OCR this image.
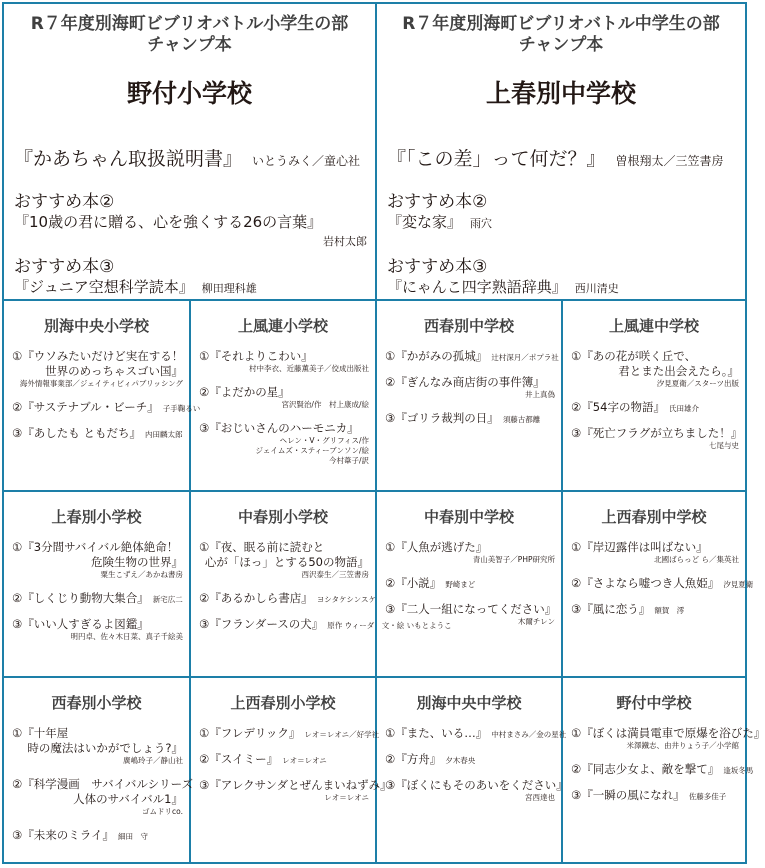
R７年度別海町ビブリオバトル小学生の部
チャンプ本
野付小学校
『かあちゃん取扱説明書』 いとうみく／童心社
おすすめ本②
『10歳の君に贈る、心を強くする26の言葉』
岩村太郎
おすすめ本③
『ジュニア空想科学読本』 柳田理科雄
R７年度別海町ビブリオバトル中学生の部
チャンプ本
上春別中学校
『「この差」って何だ？』 曽根翔太／三笠書房
おすすめ本②
『変な家』 雨穴
おすすめ本③
『にゃんこ四字熟語辞典』 西川清史
別海中央小学校
①『ウソみたいだけど実在する！
世界のめっちゃスゴい国』
海外情報事業部／ジェイティビィパブリッシング
②『サステナブル・ビーチ』 子手鞠るい
③『あしたも ともだち』 内田麟太郎
上風連小学校
①『それよりこわい』
村中李衣、近藤薫美子／佼成出版社
②『よだかの星』
宮沢賢治/作　村上康成/絵
③『おじいさんのハーモニカ』
ヘレン・V・グリフィス/作
ジェイムズ・スティーブンソン/絵
今村葦子/訳
西春別中学校
①『かがみの孤城』 辻村深月／ポプラ社
②『ぎんなみ商店街の事件簿』
井上真偽
③『ゴリラ裁判の日』 須藤古都離
上風連中学校
①『あの花が咲く丘で、
君とまた出会えたら。』
汐見夏衛／スターツ出版
②『54字の物語』 氏田雄介
③『死亡フラグが立ちました！』
七尾与史
上春別小学校
①『3分間サバイバル絶体絶命！
危険生物の世界』
粟生こずえ／あかね書房
②『しくじり動物大集合』 新宅広二
③『いい人すぎるよ図鑑』
明円卓、佐々木日菜、真子千絵美
中春別小学校
①『夜、眠る前に読むと
心が「ほっ」とする50の物語』
西沢泰生／三笠書房
②『あるかしら書店』 ヨシタケシンスケ
③『フランダースの犬』 原作 ウィーダ　文・絵 いもとようこ
中春別中学校
①『人魚が逃げた』
青山美智子／PHP研究所
②『小説』 野崎まど
③『二人一組になってください』
木爾チレン
上西春別中学校
①『岸辺露伴は叫ばない』
北國ばらっど ら／集英社
②『さよなら嘘つき人魚姫』 汐見夏衛
③『風に恋う』 額賀　澪
西春別小学校
①『十年屋
時の魔法はいかがでしょう?』
廣嶋玲子／静山社
②『科学漫画　サバイバルシリーズ
人体のサバイバル1』
ゴムドリco.
③『未来のミライ』 細田　守
上西春別小学校
①『フレデリック』 レオ＝レオニ／好学社
②『スイミー』 レオ＝レオニ
③『アレクサンダとぜんまいねずみ』
レオ＝レオニ
別海中央中学校
①『また、いる…』 中村まさみ／金の星社
②『方舟』 夕木春央
③『ぼくにもそのあいをください』
宮西達也
野付中学校
①『ぼくは満員電車で原爆を浴びた』
米澤鐵志、由井りょう子／小学館
②『同志少女よ、敵を撃て』 逢坂冬馬
③『一瞬の風になれ』 佐藤多佳子
